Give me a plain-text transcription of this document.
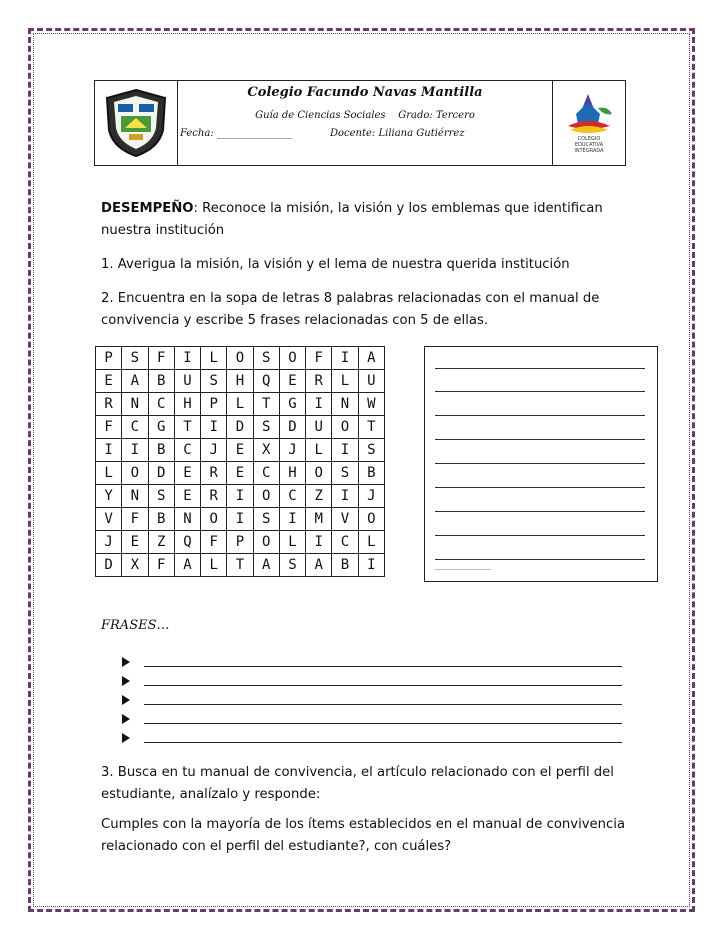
Colegio Facundo Navas Mantilla
Guía de Ciencias Sociales Grado: Tercero
Fecha: _______________	Docente: Liliana Gutiérrez	COLEGIO
EDUCATIVA
INTEGRADA
DESEMPEÑO: Reconoce la misión, la visión y los emblemas que identifican nuestra institución
1. Averigua la misión, la visión y el lema de nuestra querida institución
2. Encuentra en la sopa de letras 8 palabras relacionadas con el manual de convivencia y escribe 5 frases relacionadas con 5 de ellas.
P	S	F	I	L	O	S	O	F	I	A
E	A	B	U	S	H	Q	E	R	L	U
R	N	C	H	P	L	T	G	I	N	W
F	C	G	T	I	D	S	D	U	O	T
I	I	B	C	J	E	X	J	L	I	S
L	O	D	E	R	E	C	H	O	S	B
Y	N	S	E	R	I	O	C	Z	I	J
V	F	B	N	O	I	S	I	M	V	O
J	E	Z	Q	F	P	O	L	I	C	L
D	X	F	A	L	T	A	S	A	B	I
FRASES…
3. Busca en tu manual de convivencia, el artículo relacionado con el perfil del estudiante, analízalo y responde:
Cumples con la mayoría de los ítems establecidos en el manual de convivencia relacionado con el perfil del estudiante?, con cuáles?
